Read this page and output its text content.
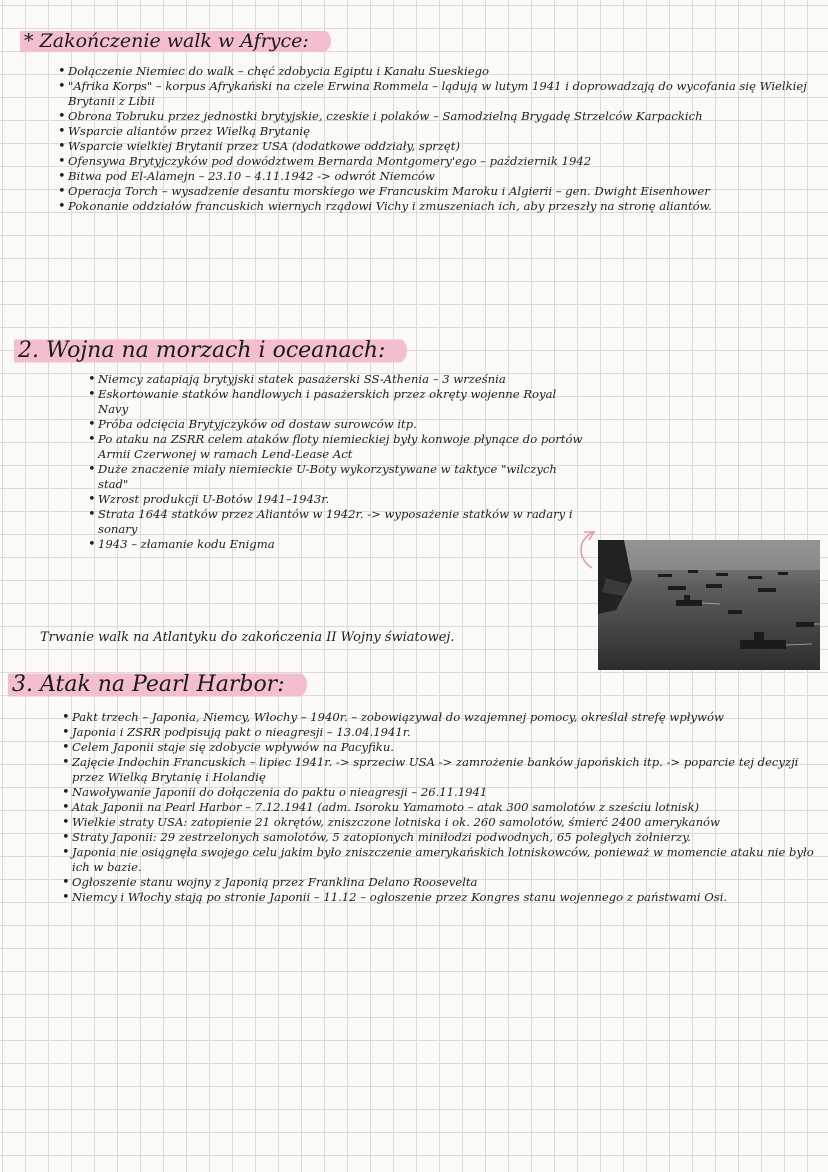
* Zakończenie walk w Afryce:
• Dołączenie Niemiec do walk – chęć zdobycia Egiptu i Kanału Sueskiego
• "Afrika Korps" – korpus Afrykański na czele Erwina Rommela – lądują w lutym 1941 i doprowadzają do wycofania się Wielkiej Brytanii z Libii
• Obrona Tobruku przez jednostki brytyjskie, czeskie i polaków – Samodzielną Brygadę Strzelców Karpackich
• Wsparcie aliantów przez Wielką Brytanię
• Wsparcie wielkiej Brytanii przez USA (dodatkowe oddziały, sprzęt)
• Ofensywa Brytyjczyków pod dowództwem Bernarda Montgomery'ego – październik 1942
• Bitwa pod El-Alamejn – 23.10 – 4.11.1942 -> odwrót Niemców
• Operacja Torch – wysadzenie desantu morskiego we Francuskim Maroku i Algierii – gen. Dwight Eisenhower
• Pokonanie oddziałów francuskich wiernych rządowi Vichy i zmuszeniach ich, aby przeszły na stronę aliantów.
2. Wojna na morzach i oceanach:
• Niemcy zatapiają brytyjski statek pasażerski SS-Athenia – 3 września
• Eskortowanie statków handlowych i pasażerskich przez okręty wojenne Royal Navy
• Próba odcięcia Brytyjczyków od dostaw surowców itp.
• Po ataku na ZSRR celem ataków floty niemieckiej były konwoje płynące do portów Armii Czerwonej w ramach Lend-Lease Act
• Duże znaczenie miały niemieckie U-Boty wykorzystywane w taktyce "wilczych stad"
• Wzrost produkcji U-Botów 1941–1943r.
• Strata 1644 statków przez Aliantów w 1942r. -> wyposażenie statków w radary i sonary
• 1943 – złamanie kodu Enigma
Trwanie walk na Atlantyku do zakończenia II Wojny światowej.
3. Atak na Pearl Harbor:
• Pakt trzech – Japonia, Niemcy, Włochy – 1940r. – zobowiązywał do wzajemnej pomocy, określał strefę wpływów
• Japonia i ZSRR podpisują pakt o nieagresji – 13.04.1941r.
• Celem Japonii staje się zdobycie wpływów na Pacyfiku.
• Zajęcie Indochin Francuskich – lipiec 1941r. -> sprzeciw USA -> zamrożenie banków japońskich itp. -> poparcie tej decyzji przez Wielką Brytanię i Holandię
• Nawoływanie Japonii do dołączenia do paktu o nieagresji – 26.11.1941
• Atak Japonii na Pearl Harbor – 7.12.1941 (adm. Isoroku Yamamoto – atak 300 samolotów z sześciu lotnisk)
• Wielkie straty USA: zatopienie 21 okrętów, zniszczone lotniska i ok. 260 samolotów, śmierć 2400 amerykanów
• Straty Japonii: 29 zestrzelonych samolotów, 5 zatopionych miniłodzi podwodnych, 65 poległych żołnierzy.
• Japonia nie osiągnęła swojego celu jakim było zniszczenie amerykańskich lotniskowców, ponieważ w momencie ataku nie było ich w bazie.
• Ogłoszenie stanu wojny z Japonią przez Franklina Delano Roosevelta
• Niemcy i Włochy stają po stronie Japonii – 11.12 – ogłoszenie przez Kongres stanu wojennego z państwami Osi.
